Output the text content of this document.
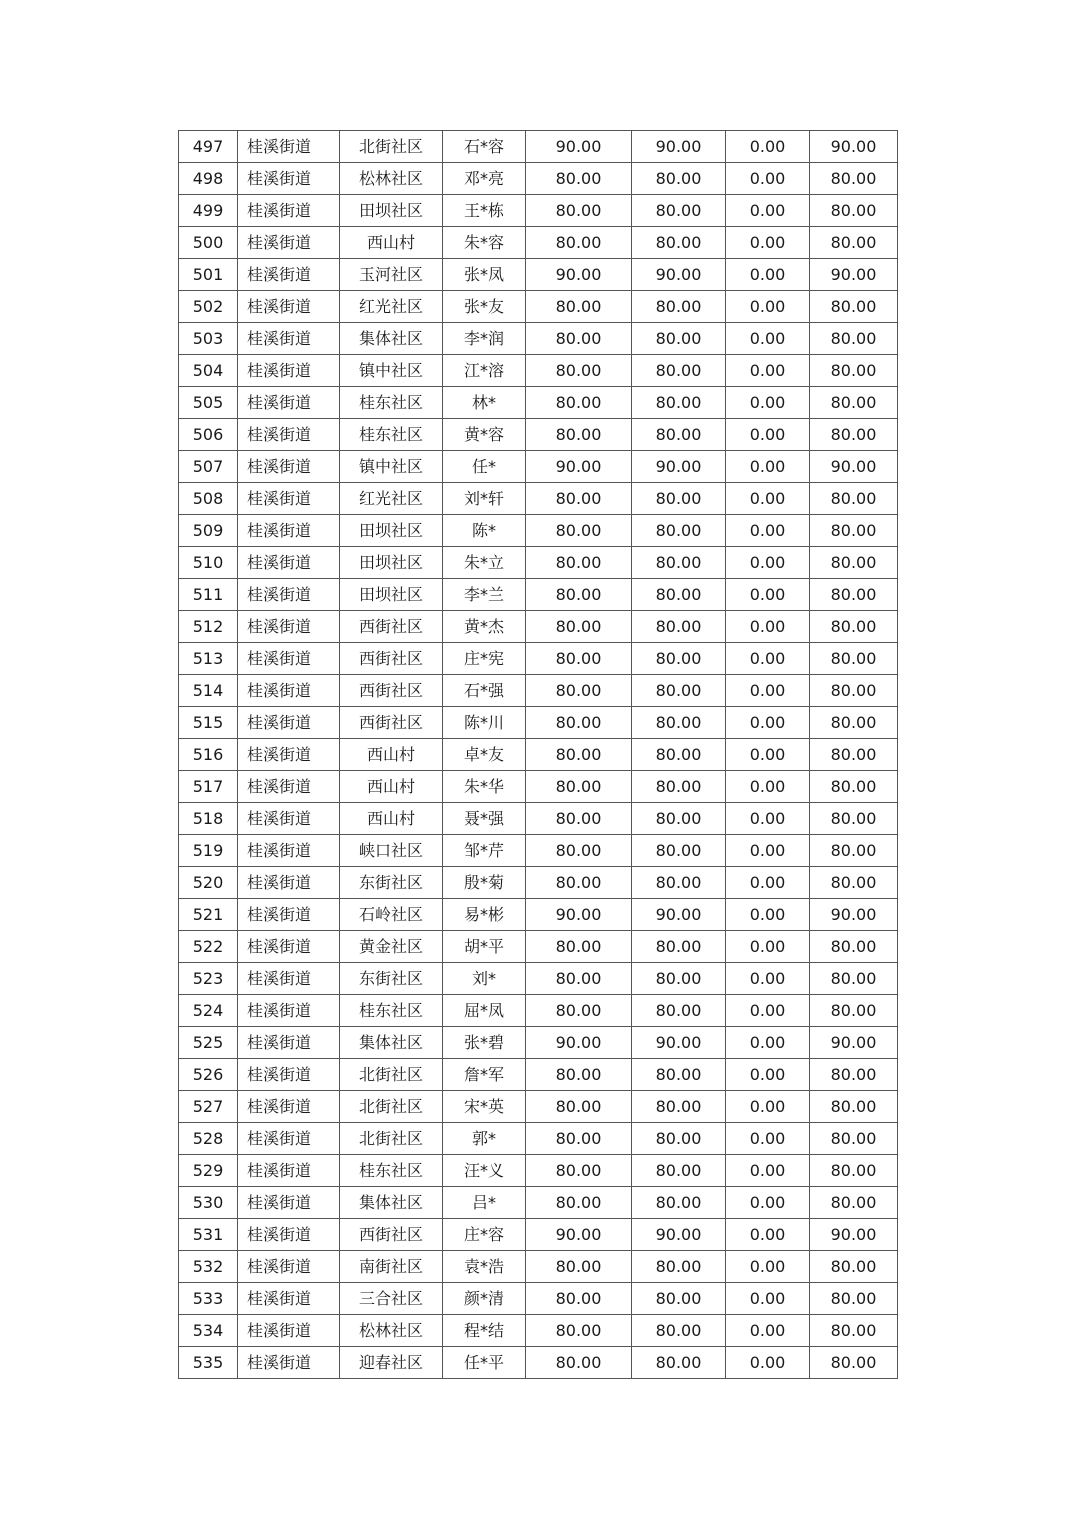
497	桂溪街道	北街社区	石*容	90.00	90.00	0.00	90.00
498	桂溪街道	松林社区	邓*亮	80.00	80.00	0.00	80.00
499	桂溪街道	田坝社区	王*栋	80.00	80.00	0.00	80.00
500	桂溪街道	西山村	朱*容	80.00	80.00	0.00	80.00
501	桂溪街道	玉河社区	张*凤	90.00	90.00	0.00	90.00
502	桂溪街道	红光社区	张*友	80.00	80.00	0.00	80.00
503	桂溪街道	集体社区	李*润	80.00	80.00	0.00	80.00
504	桂溪街道	镇中社区	江*溶	80.00	80.00	0.00	80.00
505	桂溪街道	桂东社区	林*	80.00	80.00	0.00	80.00
506	桂溪街道	桂东社区	黄*容	80.00	80.00	0.00	80.00
507	桂溪街道	镇中社区	任*	90.00	90.00	0.00	90.00
508	桂溪街道	红光社区	刘*轩	80.00	80.00	0.00	80.00
509	桂溪街道	田坝社区	陈*	80.00	80.00	0.00	80.00
510	桂溪街道	田坝社区	朱*立	80.00	80.00	0.00	80.00
511	桂溪街道	田坝社区	李*兰	80.00	80.00	0.00	80.00
512	桂溪街道	西街社区	黄*杰	80.00	80.00	0.00	80.00
513	桂溪街道	西街社区	庄*宪	80.00	80.00	0.00	80.00
514	桂溪街道	西街社区	石*强	80.00	80.00	0.00	80.00
515	桂溪街道	西街社区	陈*川	80.00	80.00	0.00	80.00
516	桂溪街道	西山村	卓*友	80.00	80.00	0.00	80.00
517	桂溪街道	西山村	朱*华	80.00	80.00	0.00	80.00
518	桂溪街道	西山村	聂*强	80.00	80.00	0.00	80.00
519	桂溪街道	峡口社区	邹*芹	80.00	80.00	0.00	80.00
520	桂溪街道	东街社区	殷*菊	80.00	80.00	0.00	80.00
521	桂溪街道	石岭社区	易*彬	90.00	90.00	0.00	90.00
522	桂溪街道	黄金社区	胡*平	80.00	80.00	0.00	80.00
523	桂溪街道	东街社区	刘*	80.00	80.00	0.00	80.00
524	桂溪街道	桂东社区	屈*凤	80.00	80.00	0.00	80.00
525	桂溪街道	集体社区	张*碧	90.00	90.00	0.00	90.00
526	桂溪街道	北街社区	詹*军	80.00	80.00	0.00	80.00
527	桂溪街道	北街社区	宋*英	80.00	80.00	0.00	80.00
528	桂溪街道	北街社区	郭*	80.00	80.00	0.00	80.00
529	桂溪街道	桂东社区	汪*义	80.00	80.00	0.00	80.00
530	桂溪街道	集体社区	吕*	80.00	80.00	0.00	80.00
531	桂溪街道	西街社区	庄*容	90.00	90.00	0.00	90.00
532	桂溪街道	南街社区	袁*浩	80.00	80.00	0.00	80.00
533	桂溪街道	三合社区	颜*清	80.00	80.00	0.00	80.00
534	桂溪街道	松林社区	程*结	80.00	80.00	0.00	80.00
535	桂溪街道	迎春社区	任*平	80.00	80.00	0.00	80.00
